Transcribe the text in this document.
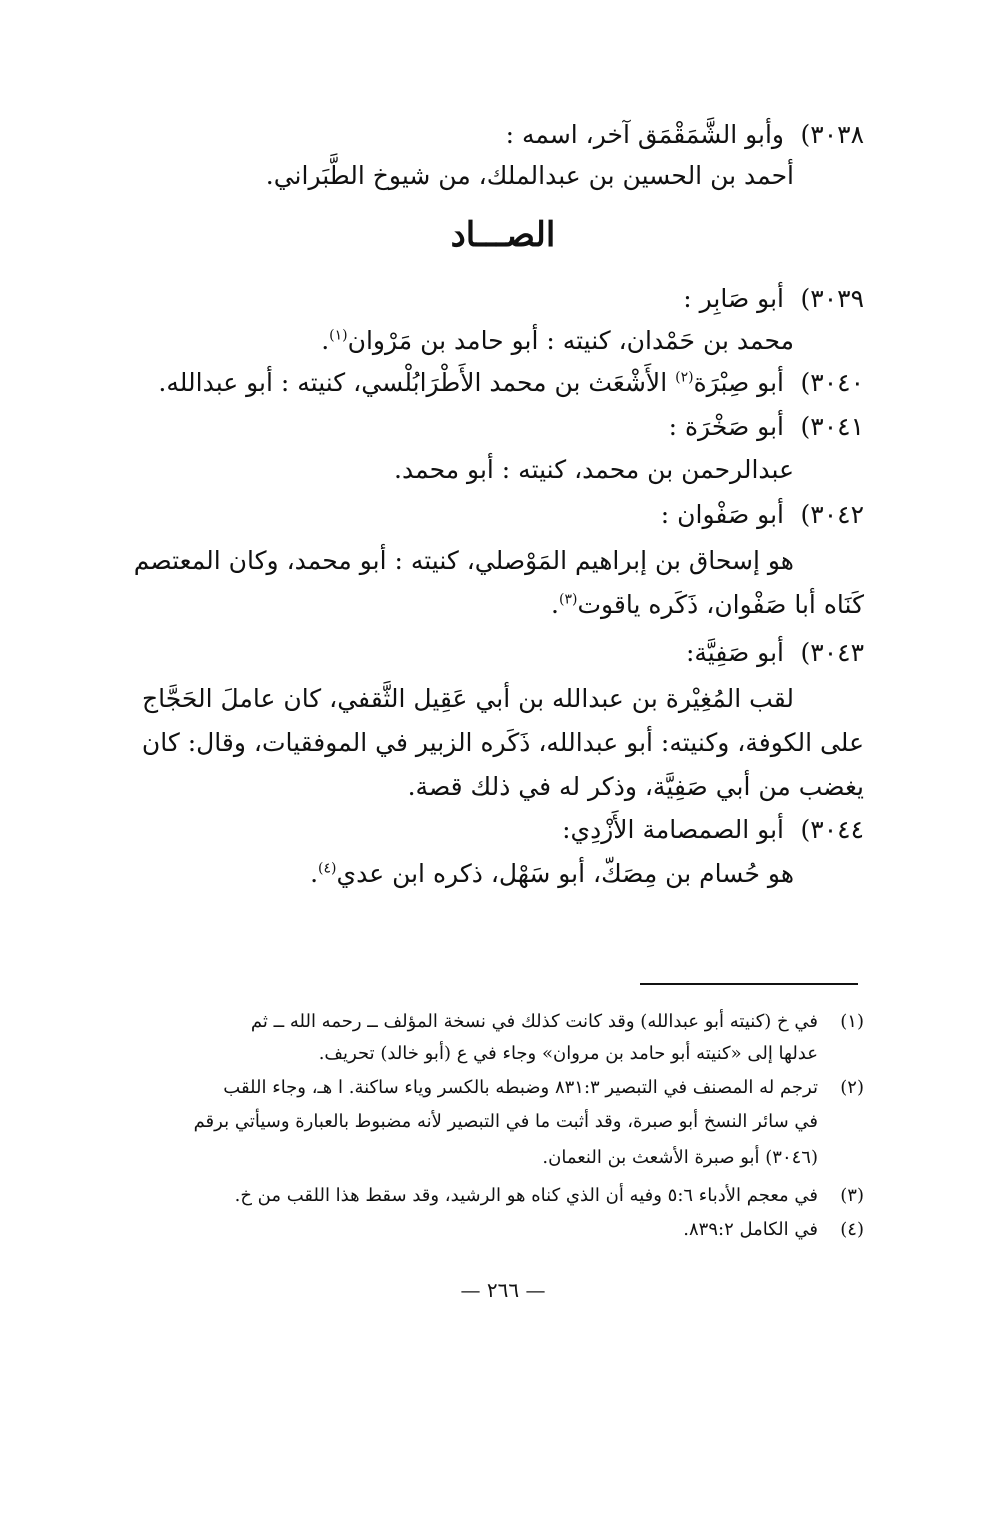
٣٠٣٨)وأبو الشَّمَقْمَق آخر، اسمه :
أحمد بن الحسين بن عبدالملك، من شيوخ الطَّبَراني.
الصـــاد
٣٠٣٩)أبو صَابِر :
محمد بن حَمْدان، كنيته : أبو حامد بن مَرْوان$^{(١)}$.
٣٠٤٠)أبو صِبْرَة$^{(٢)}$ الأَشْعَث بن محمد الأَطْرَابُلْسي، كنيته : أبو عبدالله.
٣٠٤١)أبو صَخْرَة :
عبدالرحمن بن محمد، كنيته : أبو محمد.
٣٠٤٢)أبو صَفْوان :
هو إسحاق بن إبراهيم المَوْصلي، كنيته : أبو محمد، وكان المعتصم
كَنَاه أبا صَفْوان، ذَكَره ياقوت$^{(٣)}$.
٣٠٤٣)أبو صَفِيَّة:
لقب المُغِيْرة بن عبدالله بن أبي عَقِيل الثَّقفي، كان عاملَ الحَجَّاج
على الكوفة، وكنيته: أبو عبدالله، ذَكَره الزبير في الموفقيات، وقال: كان
يغضب من أبي صَفِيَّة، وذكر له في ذلك قصة.
٣٠٤٤)أبو الصمصامة الأَزْدِي:
هو حُسام بن مِصَكّ، أبو سَهْل، ذكره ابن عدي$^{(٤)}$.
(١)في خ (كنيته أبو عبدالله) وقد كانت كذلك في نسخة المؤلف ــ رحمه الله ــ ثم
عدلها إلى «كنيته أبو حامد بن مروان» وجاء في ع (أبو خالد) تحريف.
(٢)ترجم له المصنف في التبصير ٨٣١:٣ وضبطه بالكسر وياء ساكنة. ا هـ، وجاء اللقب
في سائر النسخ أبو صبرة، وقد أثبت ما في التبصير لأنه مضبوط بالعبارة وسيأتي برقم
(٣٠٤٦) أبو صبرة الأشعث بن النعمان.
(٣)في معجم الأدباء ٥:٦ وفيه أن الذي كناه هو الرشيد، وقد سقط هذا اللقب من خ.
(٤)في الكامل ٨٣٩:٢.
— ٢٦٦ —
